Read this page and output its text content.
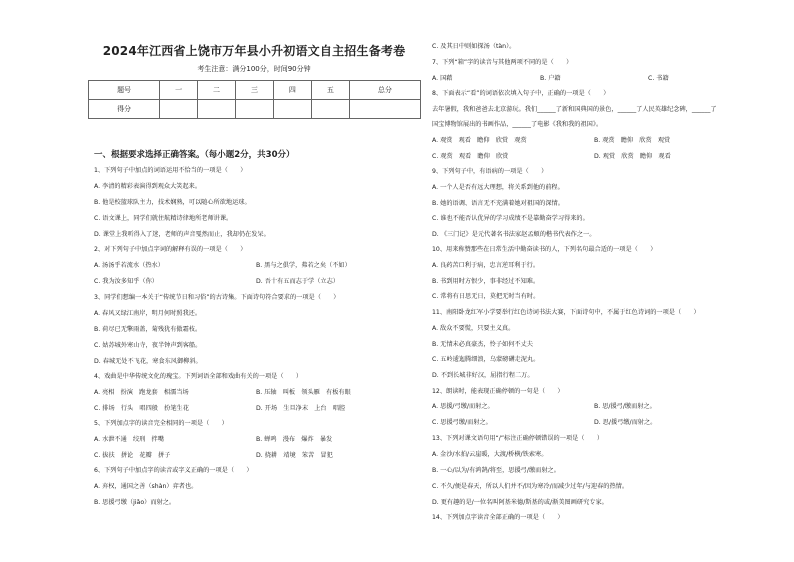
2024年江西省上饶市万年县小升初语文自主招生备考卷
考生注意：满分100分，时间90分钟
题号	一	二	三	四	五	总分
得分						
一、根据要求选择正确答案。（每小题2分，共30分）
1、下列句子中加点的词语运用不恰当的一项是（　　）
A. 李清的精彩表演得到观众大笑起来。
B. 他是校篮球队主力，技术娴熟，可以随心所欲地运球。
C. 语文课上，同学们就住航精诗律地所老师讲课。
D. 课堂上我听得入了迷，老师的声音戛然而止，我却仍在发呆。
2、对下列句子中加点字词的解释有误的一项是（　　）
A. 汤汤乎若流水（热水）	B. 黑与之俱学，弗若之矣（不如）
C. 我为汝多知乎（你）	D. 吾十有五而志于学（立志）
3、同学们想编一本关于“传统节日和习俗”的古诗集。下面诗句符合要求的一项是（　　）
A. 春风又绿江南岸，明月何时照我还。
B. 荷尽已无擎雨盖，菊残犹有傲霜枝。
C. 姑苏城外寒山寺，夜半钟声到客船。
D. 春城无处不飞花，寒食东风御柳斜。
4、戏曲是中华传统文化的瑰宝。下列词语全部和戏曲有关的一项是（　　）
A. 亮相　扮演　跑龙套　相濡当场	B. 压轴　叫板　领头雁　有板有眼
C. 排场　行头　唱四般　扮笔生花	D. 开场　生旦净末　上台　唱腔
5、下列加点字的读音完全相同的一项是（　　）
A. 水泄不通　绞刑　拌嘴	B. 蝉鸣　漫布　爆炸　暴发
C. 拔扶　拼论　花瓣　拼子	D. 挠耕　靖境　笨苦　冒犯
6、下列句子中加点字的读音或字义正确的一项是（　　）
A. 弃权，通国之善（shàn）弈者也。
B. 思援弓缴（jiǎo）而射之。
C. 及其日中则如探汤（tàn）。
7、下列“箱”字的读音与其他两项不同的是（　　）
A. 国藉	B. 户籍	C. 书籍
8、下面表示“看”的词语依次填入句子中，正确的一项是（　　）
去年暑假，我和爸爸去北京游玩。我们______了新和国典国的景色，______了人民英雄纪念碑，______了
国宝博物馆展出的书画作品，______了电影《我和我的祖国》。
A. 观赏　观看　瞻仰　欣赏　观赏	B. 观赏　瞻仰　欣赏　观赏
C. 观赏　观看　瞻仰　欣赏	D. 观赏　欣赏　瞻仰　观看
9、下列句子中，有语病的一项是（　　）
A. 一个人是否有远大理想，将关系到他的前程。
B. 她的语调、语言无不充满着她对祖国的深情。
C. 谁也不能否认优异的学习成绩不是靠勤奋学习得来的。
D. 《三门记》是元代著名书法家赵孟頫的楷书代表作之一。
10、用来称赞那些在日常生活中勤奋读书的人，下列名句最合适的一项是（　　）
A. 良药苦口利于病，忠言逆耳利于行。
B. 书到用时方恨少，事非经过不知难。
C. 常将有日思无日，莫把无时当有时。
11、南阳卧龙红军小学要举行红色诗词书法大赛，下面诗句中，不属于红色诗词的一项是（　　）
A. 敌众不要慌，只要主义真。
B. 无情未必真豪杰，怜子如何不丈夫
C. 五岭逶迤腾细浪，乌蒙磅礴走泥丸。
D. 不到长城非好汉，屈指行程二万。
12、朗读时，能表现正确停顿的一句是（　　）
A. 思援/弓缴/而射之。	B. 思/援弓/缴而射之。
C. 思援弓缴/而射之。	D. 思/援弓缴/而射之。
13、下列对课文语句用“/”标注正确停顿错误的一项是（　　）
A. 金沙/水拍/云崖暖，大渡/桥横/铁索寒。
B. 一心/以为/有鸿鹄/将至，思援弓/缴而射之。
C. 不久/便是春天，所以人们并不/因为寒冷/而减少过年/与迎春的热情。
D. 更有趣的是/一位名叫阿基米德/斯基的或/渐美图画研究专家。
14、下列加点字读音全部正确的一项是（　　）
